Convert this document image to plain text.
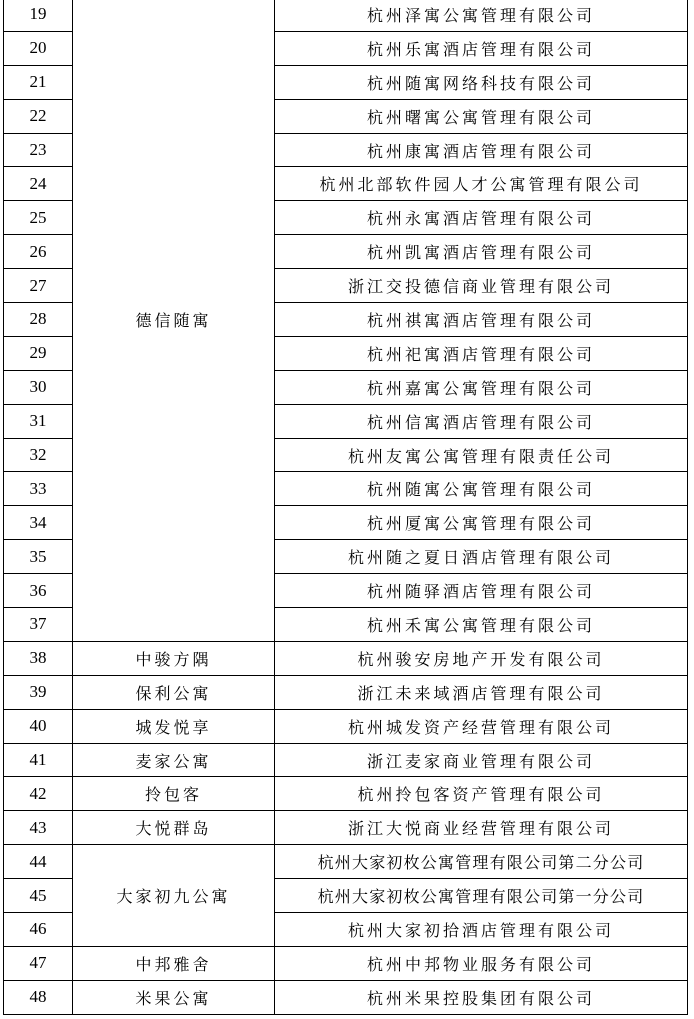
19	德信随寓	杭州泽寓公寓管理有限公司
20		杭州乐寓酒店管理有限公司
21		杭州随寓网络科技有限公司
22		杭州曙寓公寓管理有限公司
23		杭州康寓酒店管理有限公司
24		杭州北部软件园人才公寓管理有限公司
25		杭州永寓酒店管理有限公司
26		杭州凯寓酒店管理有限公司
27		浙江交投德信商业管理有限公司
28		杭州祺寓酒店管理有限公司
29		杭州祀寓酒店管理有限公司
30		杭州嘉寓公寓管理有限公司
31		杭州信寓酒店管理有限公司
32		杭州友寓公寓管理有限责任公司
33		杭州随寓公寓管理有限公司
34		杭州厦寓公寓管理有限公司
35		杭州随之夏日酒店管理有限公司
36		杭州随驿酒店管理有限公司
37		杭州禾寓公寓管理有限公司
38	中骏方隅	杭州骏安房地产开发有限公司
39	保利公寓	浙江未来域酒店管理有限公司
40	城发悦享	杭州城发资产经营管理有限公司
41	麦家公寓	浙江麦家商业管理有限公司
42	拎包客	杭州拎包客资产管理有限公司
43	大悦群岛	浙江大悦商业经营管理有限公司
44	大家初九公寓	杭州大家初枚公寓管理有限公司第二分公司
45		杭州大家初枚公寓管理有限公司第一分公司
46		杭州大家初拾酒店管理有限公司
47	中邦雅舍	杭州中邦物业服务有限公司
48	米果公寓	杭州米果控股集团有限公司
